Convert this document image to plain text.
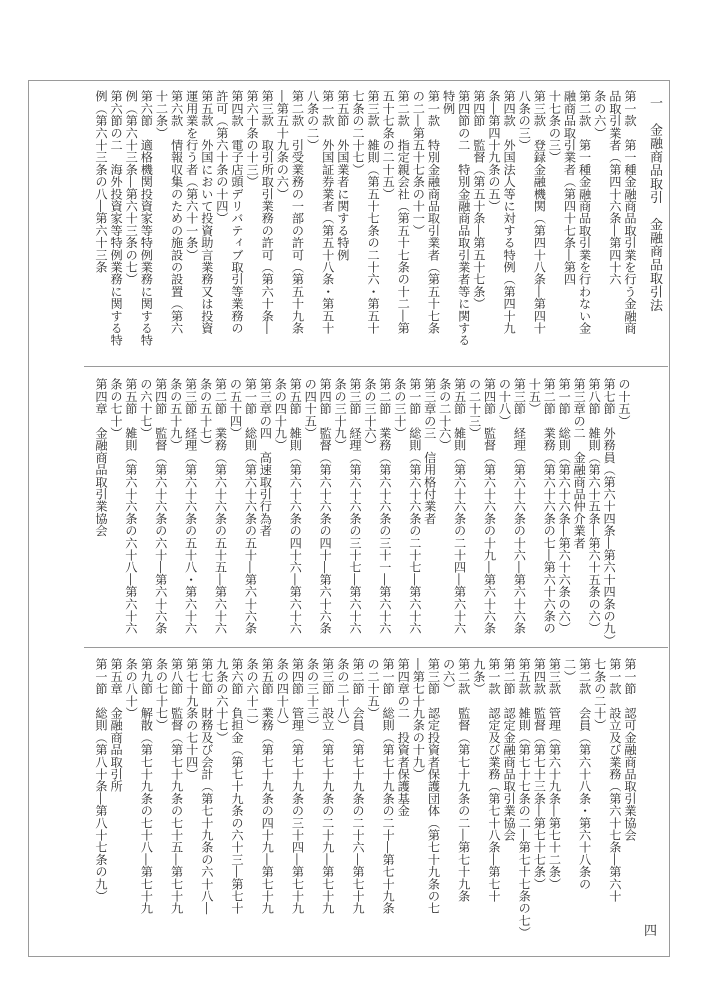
一　金融商品取引　金融商品取引法
四
第一款　第一種金融商品取引業を行う金融商
品取引業者（第四十六条―第四十六
条の六）
第二款　第一種金融商品取引業を行わない金
融商品取引業者（第四十七条―第四
十七条の三）
第三款　登録金融機関（第四十八条―第四十
八条の三）
第四款　外国法人等に対する特例（第四十九
条―第四十九条の五）
第四節　監督（第五十条―第五十七条）
第四節の二　特別金融商品取引業者等に関する
特例
第一款　特別金融商品取引業者（第五十七条
の二―第五十七条の十一）
第二款　指定親会社（第五十七条の十二―第
五十七条の二十五）
第三款　雑則（第五十七条の二十六・第五十
七条の二十七）
第五節　外国業者に関する特例
第一款　外国証券業者（第五十八条・第五十
八条の二）
第二款　引受業務の一部の許可（第五十九条
―第五十九条の六）
第三款　取引所取引業務の許可（第六十条―
第六十条の十三）
第四款　電子店頭デリバティブ取引等業務の
許可（第六十条の十四）
第五款　外国において投資助言業務又は投資
運用業を行う者（第六十一条）
第六款　情報収集のための施設の設置（第六
十二条）
第六節　適格機関投資家等特例業務に関する特
例（第六十三条―第六十三条の七）
第六節の二　海外投資家等特例業務に関する特
例（第六十三条の八―第六十三条
の十五）
第七節　外務員（第六十四条―第六十四条の九）
第八節　雑則（第六十五条―第六十五条の六）
第三章の二　金融商品仲介業者
第一節　総則（第六十六条―第六十六条の六）
第二節　業務（第六十六条の七―第六十六条の
十五）
第三節　経理（第六十六条の十六―第六十六条
の十八）
第四節　監督（第六十六条の十九―第六十六条
の二十三）
第五節　雑則（第六十六条の二十四―第六十六
条の二十六）
第三章の三　信用格付業者
第一節　総則（第六十六条の二十七―第六十六
条の三十）
第二節　業務（第六十六条の三十一―第六十六
条の三十六）
第三節　経理（第六十六条の三十七―第六十六
条の三十九）
第四節　監督（第六十六条の四十―第六十六条
の四十五）
第五節　雑則（第六十六条の四十六―第六十六
条の四十九）
第三章の四　高速取引行為者
第一節　総則（第六十六条の五十―第六十六条
の五十四）
第二節　業務（第六十六条の五十五―第六十六
条の五十七）
第三節　経理（第六十六条の五十八・第六十六
条の五十九）
第四節　監督（第六十六条の六十―第六十六条
の六十七）
第五節　雑則（第六十六条の六十八―第六十六
条の七十）
第四章　金融商品取引業協会
第一節　認可金融商品取引業協会
第一款　設立及び業務（第六十七条―第六十
七条の二十）
第二款　会員（第六十八条・第六十八条の
二）
第三款　管理（第六十九条―第七十二条）
第四款　監督（第七十三条―第七十七条）
第五款　雑則（第七十七条の二―第七十七条の七）
第二節　認定金融商品取引業協会
第一款　認定及び業務（第七十八条―第七十
九条）
第二款　監督（第七十九条の二―第七十九条
の六）
第三節　認定投資者保護団体（第七十九条の七
―第七十九条の十九）
第四章の二　投資者保護基金
第一節　総則（第七十九条の二十―第七十九条
の二十五）
第二節　会員（第七十九条の二十六―第七十九
条の二十八）
第三節　設立（第七十九条の二十九―第七十九
条の三十三）
第四節　管理（第七十九条の三十四―第七十九
条の四十八）
第五節　業務（第七十九条の四十九―第七十九
条の六十二）
第六節　負担金（第七十九条の六十三―第七十
九条の六十七）
第七節　財務及び会計（第七十九条の六十八―
第七十九条の七十四）
第八節　監督（第七十九条の七十五―第七十九
条の七十七）
第九節　解散（第七十九条の七十八―第七十九
条の八十）
第五章　金融商品取引所
第一節　総則（第八十条―第八十七条の九）
